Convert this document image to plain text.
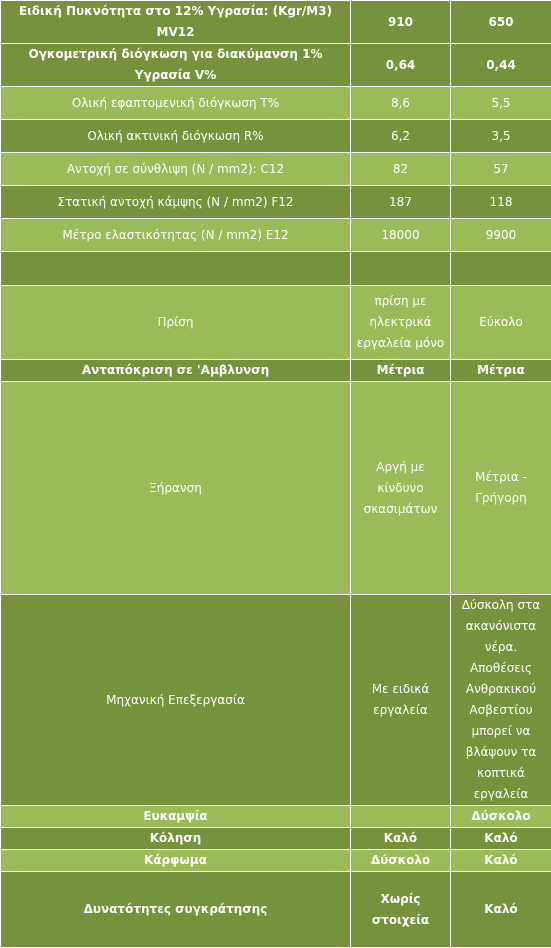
Ειδική Πυκνότητα στο 12% Υγρασία: (Kgr/M3) MV12	910	650
Ογκομετρική διόγκωση για διακύμανση 1% Υγρασία V%	0,64	0,44
Ολική εφαπτομενική διόγκωση T%	8,6	5,5
Ολική ακτινική διόγκωση R%	6,2	3,5
Αντοχή σε σύνθλιψη (N / mm2): C12	82	57
Στατική αντοχή κάμψης (N / mm2) F12	187	118
Μέτρο ελαστικότητας (N / mm2) E12	18000	9900

Πρίση	πρίση με ηλεκτρικά εργαλεία μόνο	Εύκολο
Ανταπόκριση σε 'Αμβλυνση	Μέτρια	Μέτρια
Ξήρανση	Αργή με κίνδυνο σκασιμάτων	Μέτρια - Γρήγορη
Μηχανική Επεξεργασία	Με ειδικά εργαλεία	Δύσκολη στα ακανόνιστα νέρα. Αποθέσεις Ανθρακικού Ασβεστίου μπορεί να βλάψουν τα κοπτικά εργαλεία
Ευκαμψία		Δύσκολο
Κόληση	Καλό	Καλό
Κάρφωμα	Δύσκολο	Καλό
Δυνατότητες συγκράτησης	Χωρίς στοιχεία	Καλό
